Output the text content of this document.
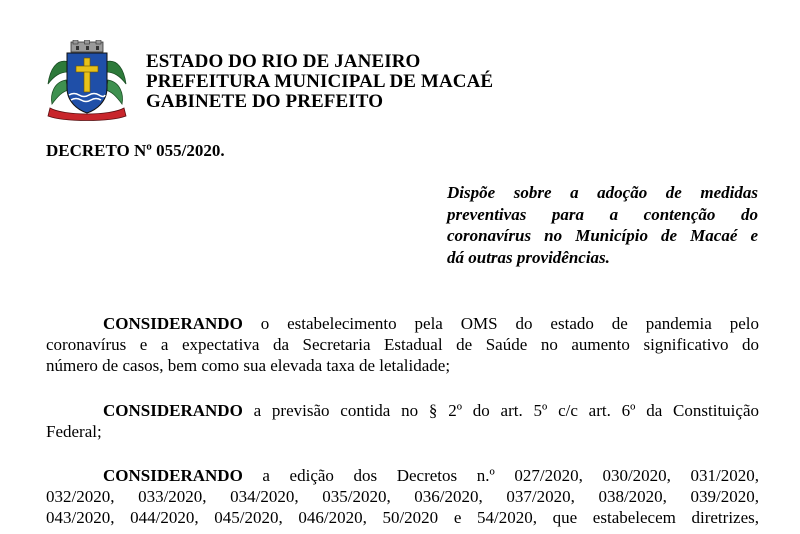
ESTADO DO RIO DE JANEIRO
PREFEITURA MUNICIPAL DE MACAÉ
GABINETE DO PREFEITO
DECRETO Nº 055/2020.
Dispõe sobre a adoção de medidas
preventivas para a contenção do
coronavírus no Município de Macaé e
dá outras providências.
CONSIDERANDO o estabelecimento pela OMS do estado de pandemia pelo
coronavírus e a expectativa da Secretaria Estadual de Saúde no aumento significativo do
número de casos, bem como sua elevada taxa de letalidade;
CONSIDERANDO a previsão contida no § 2º do art. 5º c/c art. 6º da Constituição
Federal;
CONSIDERANDO a edição dos Decretos n.º 027/2020, 030/2020, 031/2020,
032/2020, 033/2020, 034/2020, 035/2020, 036/2020, 037/2020, 038/2020, 039/2020,
043/2020, 044/2020, 045/2020, 046/2020, 50/2020 e 54/2020, que estabelecem diretrizes,
